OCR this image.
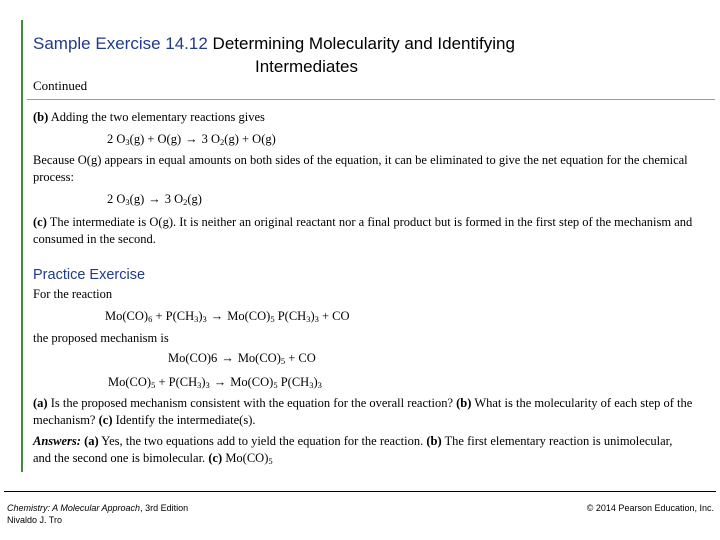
Sample Exercise 14.12 Determining Molecularity and Identifying
Intermediates
Continued
(b) Adding the two elementary reactions gives
2 $O_3(g) + O(g) \to 3$ $O_2(g) + O(g)$
Because O(g) appears in equal amounts on both sides of the equation, it can be eliminated to give the net equation for the chemical process:
2 $O_3(g) \to 3$ $O_2(g)$
(c) The intermediate is O(g). It is neither an original reactant nor a final product but is formed in the first step of the mechanism and consumed in the second.
Practice Exercise
For the reaction
$Mo(CO)_6 + P(CH_3)_3 \to Mo(CO)_5$ $P(CH_3)_3$ + CO
the proposed mechanism is
$Mo(CO)6 \to Mo(CO)_5$ + CO
$Mo(CO)_5 + P(CH_3)_3 \to Mo(CO)_5$ $P(CH_3)_3$
(a) Is the proposed mechanism consistent with the equation for the overall reaction? (b) What is the molecularity of each step of the mechanism? (c) Identify the intermediate(s).
Answers: (a) Yes, the two equations add to yield the equation for the reaction. (b) The first elementary reaction is unimolecular, and the second one is bimolecular. (c) $Mo(CO)_5$
Chemistry: A Molecular Approach, 3rd Edition
Nivaldo J. Tro
© 2014 Pearson Education, Inc.
